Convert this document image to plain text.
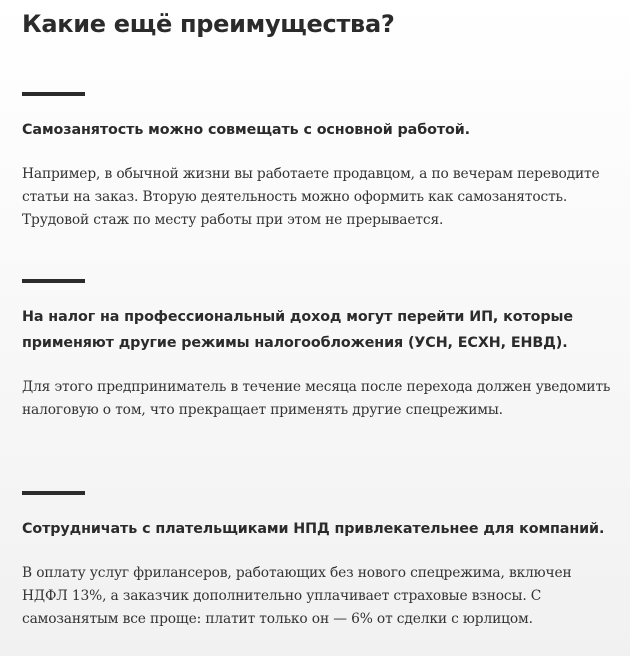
Какие ещё преимущества?
Самозанятость можно совмещать с основной работой.

Например, в обычной жизни вы работаете продавцом, а по вечерам переводите статьи на заказ. Вторую деятельность можно оформить как самозанятость. Трудовой стаж по месту работы при этом не прерывается.

На налог на профессиональный доход могут перейти ИП, которые применяют другие режимы налогообложения (УСН, ЕСХН, ЕНВД).

Для этого предприниматель в течение месяца после перехода должен уведомить налоговую о том, что прекращает применять другие спецрежимы.

Сотрудничать с плательщиками НПД привлекательнее для компаний.

В оплату услуг фрилансеров, работающих без нового спецрежима, включен НДФЛ 13%, а заказчик дополнительно уплачивает страховые взносы. С самозанятым все проще: платит только он — 6% от сделки с юрлицом.
